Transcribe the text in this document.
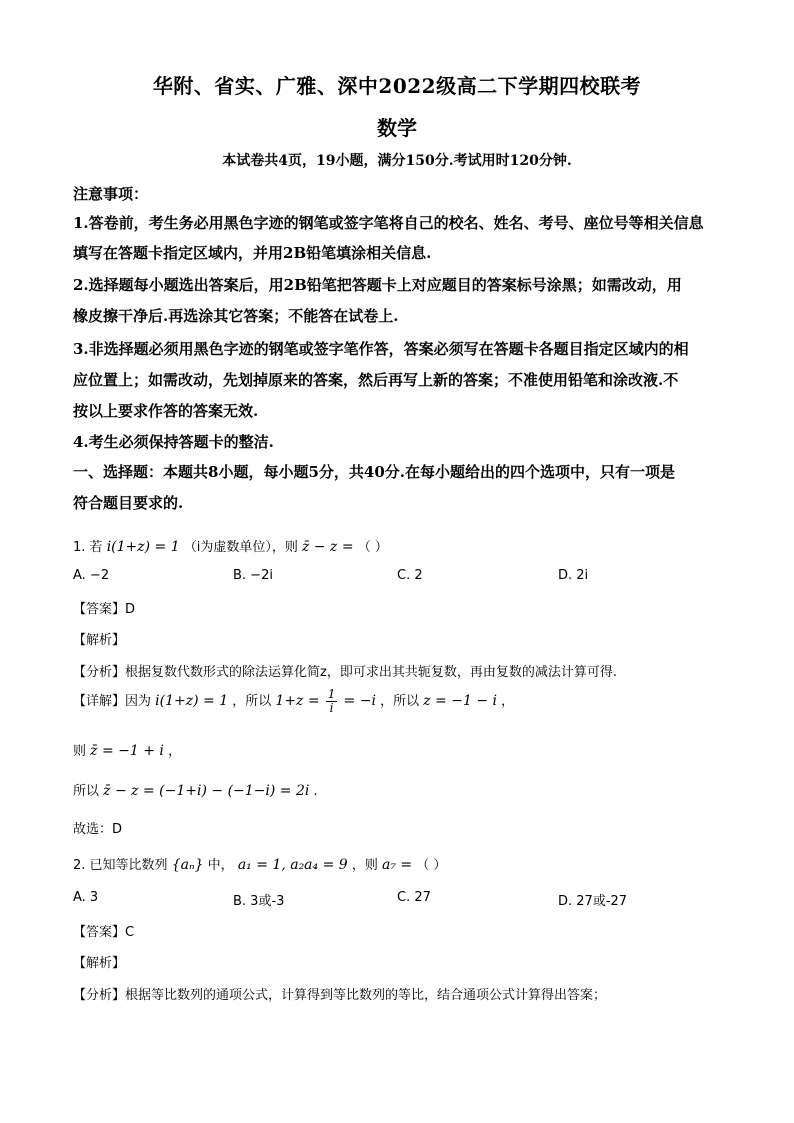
华附、省实、广雅、深中2022级高二下学期四校联考
数学
本试卷共4页，19小题，满分150分.考试用时120分钟.
注意事项：
1.答卷前，考生务必用黑色字迹的钢笔或签字笔将自己的校名、姓名、考号、座位号等相关信息
填写在答题卡指定区域内，并用2B铅笔填涂相关信息.
2.选择题每小题选出答案后，用2B铅笔把答题卡上对应题目的答案标号涂黑；如需改动，用
橡皮擦干净后.再选涂其它答案；不能答在试卷上.
3.非选择题必须用黑色字迹的钢笔或签字笔作答，答案必须写在答题卡各题目指定区域内的相
应位置上；如需改动，先划掉原来的答案，然后再写上新的答案；不准使用铅笔和涂改液.不
按以上要求作答的答案无效.
4.考生必须保持答题卡的整洁.
一、选择题：本题共8小题，每小题5分，共40分.在每小题给出的四个选项中，只有一项是
符合题目要求的.
1. 若 i(1+z) = 1 （i为虚数单位），则 z̄ − z = （ ）
A. −2	B. −2i	C. 2	D. 2i
【答案】D
【解析】
【分析】根据复数代数形式的除法运算化简z，即可求出其共轭复数，再由复数的减法计算可得.
【详解】因为 i(1+z) = 1 ，所以 $1+z = \frac{1}{i} = -i$ ，所以 z = −1 − i ，
则 z̄ = −1 + i ，
所以 z̄ − z = (−1+i) − (−1−i) = 2i .
故选：D
2. 已知等比数列 {aₙ} 中， a₁ = 1, a₂a₄ = 9 ，则 a₇ = （ ）
A. 3	B. 3或-3	C. 27	D. 27或-27
【答案】C
【解析】
【分析】根据等比数列的通项公式，计算得到等比数列的等比，结合通项公式计算得出答案；
